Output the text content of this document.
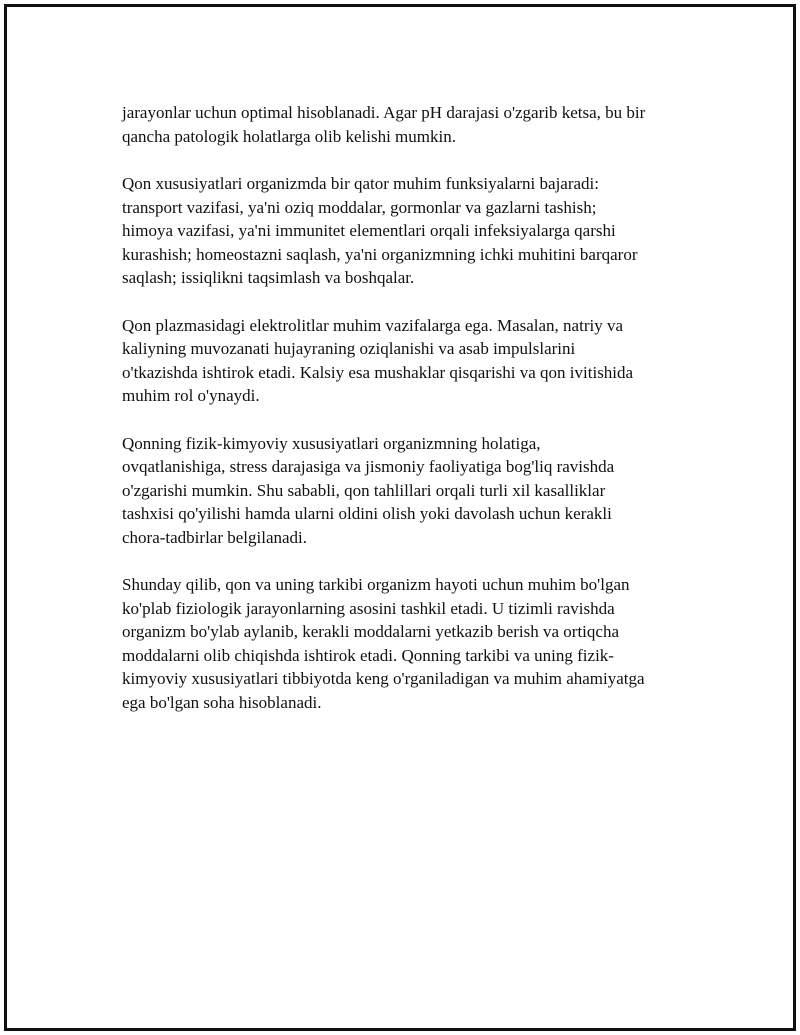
jarayonlar uchun optimal hisoblanadi. Agar pH darajasi o'zgarib ketsa, bu bir
qancha patologik holatlarga olib kelishi mumkin.

Qon xususiyatlari organizmda bir qator muhim funksiyalarni bajaradi:
transport vazifasi, ya'ni oziq moddalar, gormonlar va gazlarni tashish;
himoya vazifasi, ya'ni immunitet elementlari orqali infeksiyalarga qarshi
kurashish; homeostazni saqlash, ya'ni organizmning ichki muhitini barqaror
saqlash; issiqlikni taqsimlash va boshqalar.

Qon plazmasidagi elektrolitlar muhim vazifalarga ega. Masalan, natriy va
kaliyning muvozanati hujayraning oziqlanishi va asab impulslarini
o'tkazishda ishtirok etadi. Kalsiy esa mushaklar qisqarishi va qon ivitishida
muhim rol o'ynaydi.

Qonning fizik-kimyoviy xususiyatlari organizmning holatiga,
ovqatlanishiga, stress darajasiga va jismoniy faoliyatiga bog'liq ravishda
o'zgarishi mumkin. Shu sababli, qon tahlillari orqali turli xil kasalliklar
tashxisi qo'yilishi hamda ularni oldini olish yoki davolash uchun kerakli
chora-tadbirlar belgilanadi.

Shunday qilib, qon va uning tarkibi organizm hayoti uchun muhim bo'lgan
ko'plab fiziologik jarayonlarning asosini tashkil etadi. U tizimli ravishda
organizm bo'ylab aylanib, kerakli moddalarni yetkazib berish va ortiqcha
moddalarni olib chiqishda ishtirok etadi. Qonning tarkibi va uning fizik-
kimyoviy xususiyatlari tibbiyotda keng o'rganiladigan va muhim ahamiyatga
ega bo'lgan soha hisoblanadi.
